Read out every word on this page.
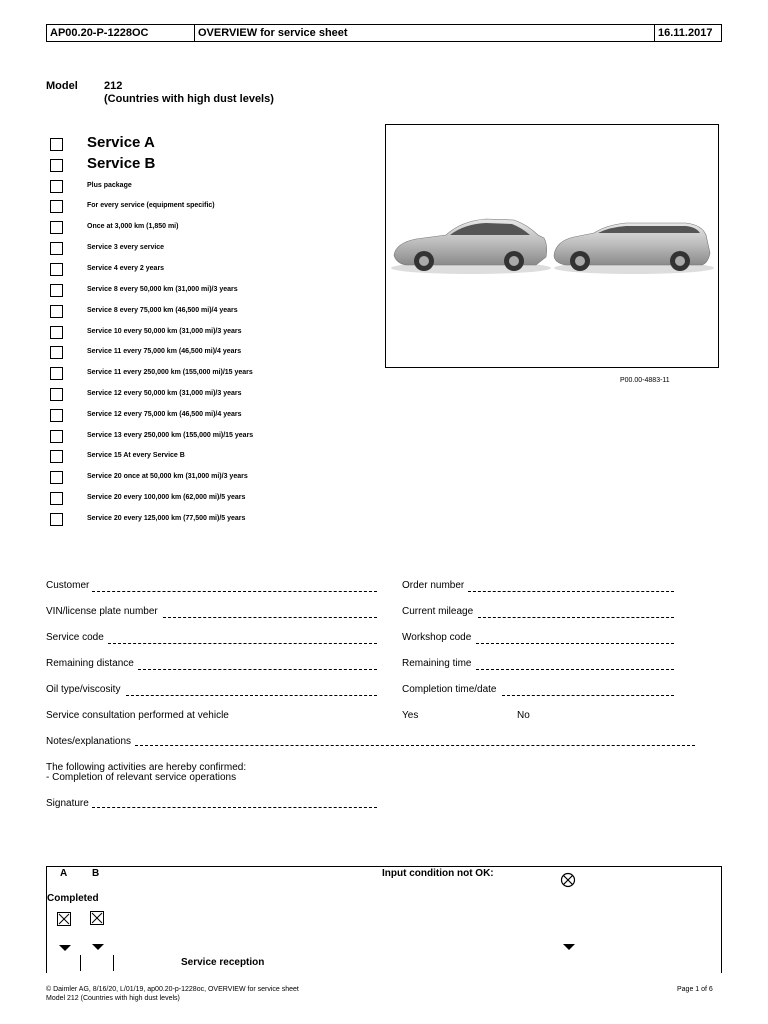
AP00.20-P-1228OC	OVERVIEW for service sheet	16.11.2017
Model 212
(Countries with high dust levels)
Service A
Service B
Plus package
For every service (equipment specific)
Once at 3,000 km (1,850 mi)
Service 3 every service
Service 4 every 2 years
Service 8 every 50,000 km (31,000 mi)/3 years
Service 8 every 75,000 km (46,500 mi)/4 years
Service 10 every 50,000 km (31,000 mi)/3 years
Service 11 every 75,000 km (46,500 mi)/4 years
Service 11 every 250,000 km (155,000 mi)/15 years
Service 12 every 50,000 km (31,000 mi)/3 years
Service 12 every 75,000 km (46,500 mi)/4 years
Service 13 every 250,000 km (155,000 mi)/15 years
Service 15 At every Service B
Service 20 once at 50,000 km (31,000 mi)/3 years
Service 20 every 100,000 km (62,000 mi)/5 years
Service 20 every 125,000 km (77,500 mi)/5 years
P00.00-4883-11
Customer	Order number
VIN/license plate number	Current mileage
Service code	Workshop code
Remaining distance	Remaining time
Oil type/viscosity	Completion time/date
Service consultation performed at vehicle	Yes	No
Notes/explanations
The following activities are hereby confirmed:
- Completion of relevant service operations
Signature
A B	Input condition not OK:
Completed
Service reception
© Daimler AG, 8/16/20, L/01/19, ap00.20-p-1228oc, OVERVIEW for service sheet
Model 212 (Countries with high dust levels)
Page 1 of 6
